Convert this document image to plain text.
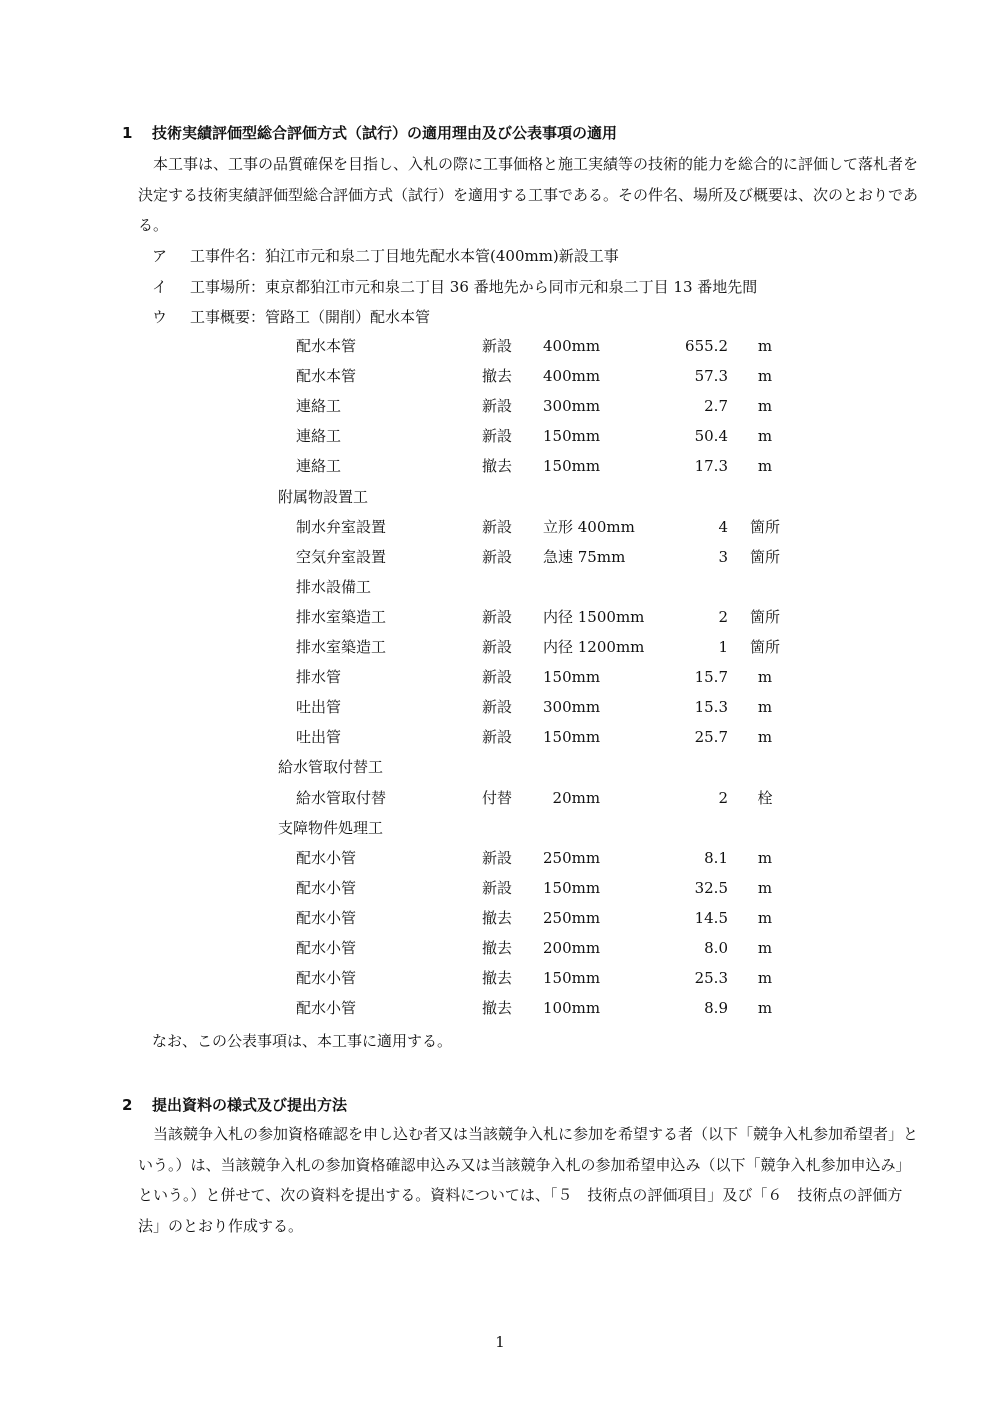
1 技術実績評価型総合評価方式（試行）の適用理由及び公表事項の適用

本工事は、工事の品質確保を目指し、入札の際に工事価格と施工実績等の技術的能力を総合的に評価して落札者を決定する技術実績評価型総合評価方式（試行）を適用する工事である。その件名、場所及び概要は、次のとおりである。

ア 工事件名：狛江市元和泉二丁目地先配水本管(400mm)新設工事
イ 工事場所：東京都狛江市元和泉二丁目 36 番地先から同市元和泉二丁目 13 番地先間
ウ 工事概要：管路工（開削）配水本管
配水本管	新設 400mm	655.2	m
配水本管	撤去 400mm	57.3	m
連絡工	新設 300mm	2.7	m
連絡工	新設 150mm	50.4	m
連絡工	撤去 150mm	17.3	m
附属物設置工
制水弁室設置	新設 立形 400mm	4	箇所
空気弁室設置	新設 急速 75mm	3	箇所
排水設備工
排水室築造工	新設 内径 1500mm	2	箇所
排水室築造工	新設 内径 1200mm	1	箇所
排水管	新設 150mm	15.7	m
吐出管	新設 300mm	15.3	m
吐出管	新設 150mm	25.7	m
給水管取付替工
給水管取付替	付替 20mm	2	栓
支障物件処理工
配水小管	新設 250mm	8.1	m
配水小管	新設 150mm	32.5	m
配水小管	撤去 250mm	14.5	m
配水小管	撤去 200mm	8.0	m
配水小管	撤去 150mm	25.3	m
配水小管	撤去 100mm	8.9	m
なお、この公表事項は、本工事に適用する。
2 提出資料の様式及び提出方法

当該競争入札の参加資格確認を申し込む者又は当該競争入札に参加を希望する者（以下「競争入札参加希望者」という。）は、当該競争入札の参加資格確認申込み又は当該競争入札の参加希望申込み（以下「競争入札参加申込み」という。）と併せて、次の資料を提出する。資料については、「５　技術点の評価項目」及び「６　技術点の評価方法」のとおり作成する。

1
